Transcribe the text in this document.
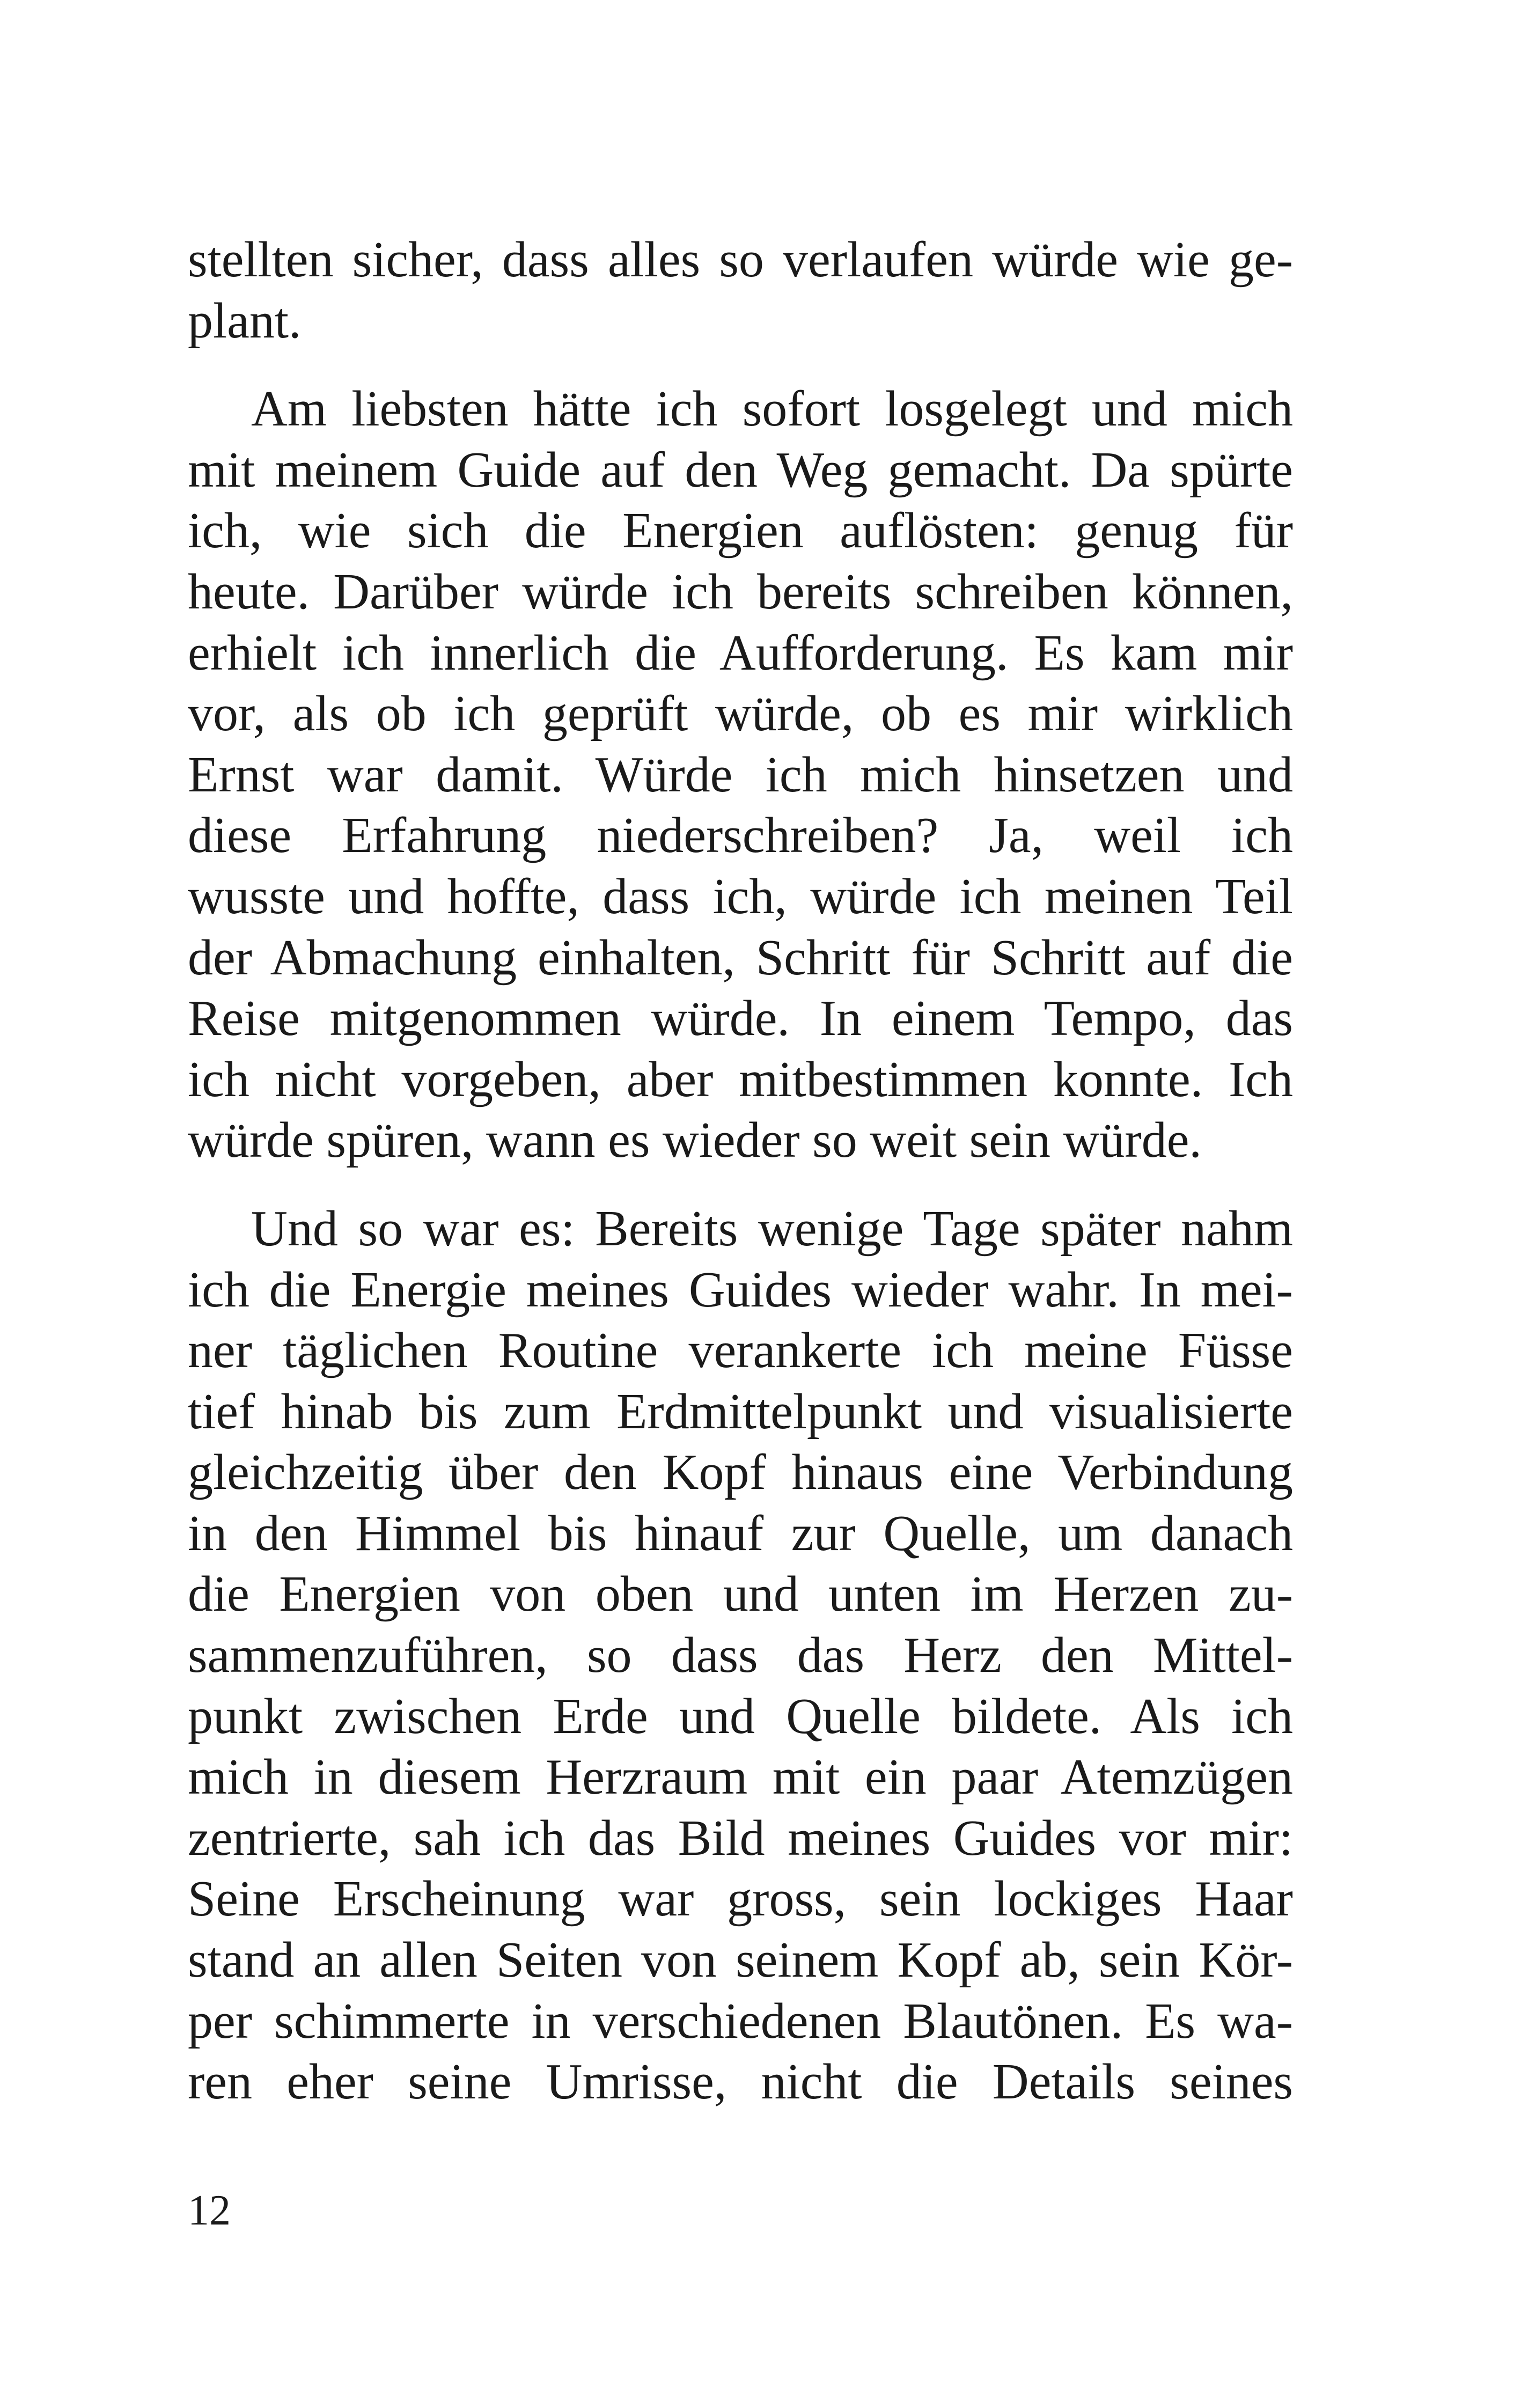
stellten sicher, dass alles so verlaufen würde wie ge-
plant.
Am liebsten hätte ich sofort losgelegt und mich
mit meinem Guide auf den Weg gemacht. Da spürte
ich, wie sich die Energien auflösten: genug für
heute. Darüber würde ich bereits schreiben können,
erhielt ich innerlich die Aufforderung. Es kam mir
vor, als ob ich geprüft würde, ob es mir wirklich
Ernst war damit. Würde ich mich hinsetzen und
diese Erfahrung niederschreiben? Ja, weil ich
wusste und hoffte, dass ich, würde ich meinen Teil
der Abmachung einhalten, Schritt für Schritt auf die
Reise mitgenommen würde. In einem Tempo, das
ich nicht vorgeben, aber mitbestimmen konnte. Ich
würde spüren, wann es wieder so weit sein würde.
Und so war es: Bereits wenige Tage später nahm
ich die Energie meines Guides wieder wahr. In mei-
ner täglichen Routine verankerte ich meine Füsse
tief hinab bis zum Erdmittelpunkt und visualisierte
gleichzeitig über den Kopf hinaus eine Verbindung
in den Himmel bis hinauf zur Quelle, um danach
die Energien von oben und unten im Herzen zu-
sammenzuführen, so dass das Herz den Mittel-
punkt zwischen Erde und Quelle bildete. Als ich
mich in diesem Herzraum mit ein paar Atemzügen
zentrierte, sah ich das Bild meines Guides vor mir:
Seine Erscheinung war gross, sein lockiges Haar
stand an allen Seiten von seinem Kopf ab, sein Kör-
per schimmerte in verschiedenen Blautönen. Es wa-
ren eher seine Umrisse, nicht die Details seines
12
